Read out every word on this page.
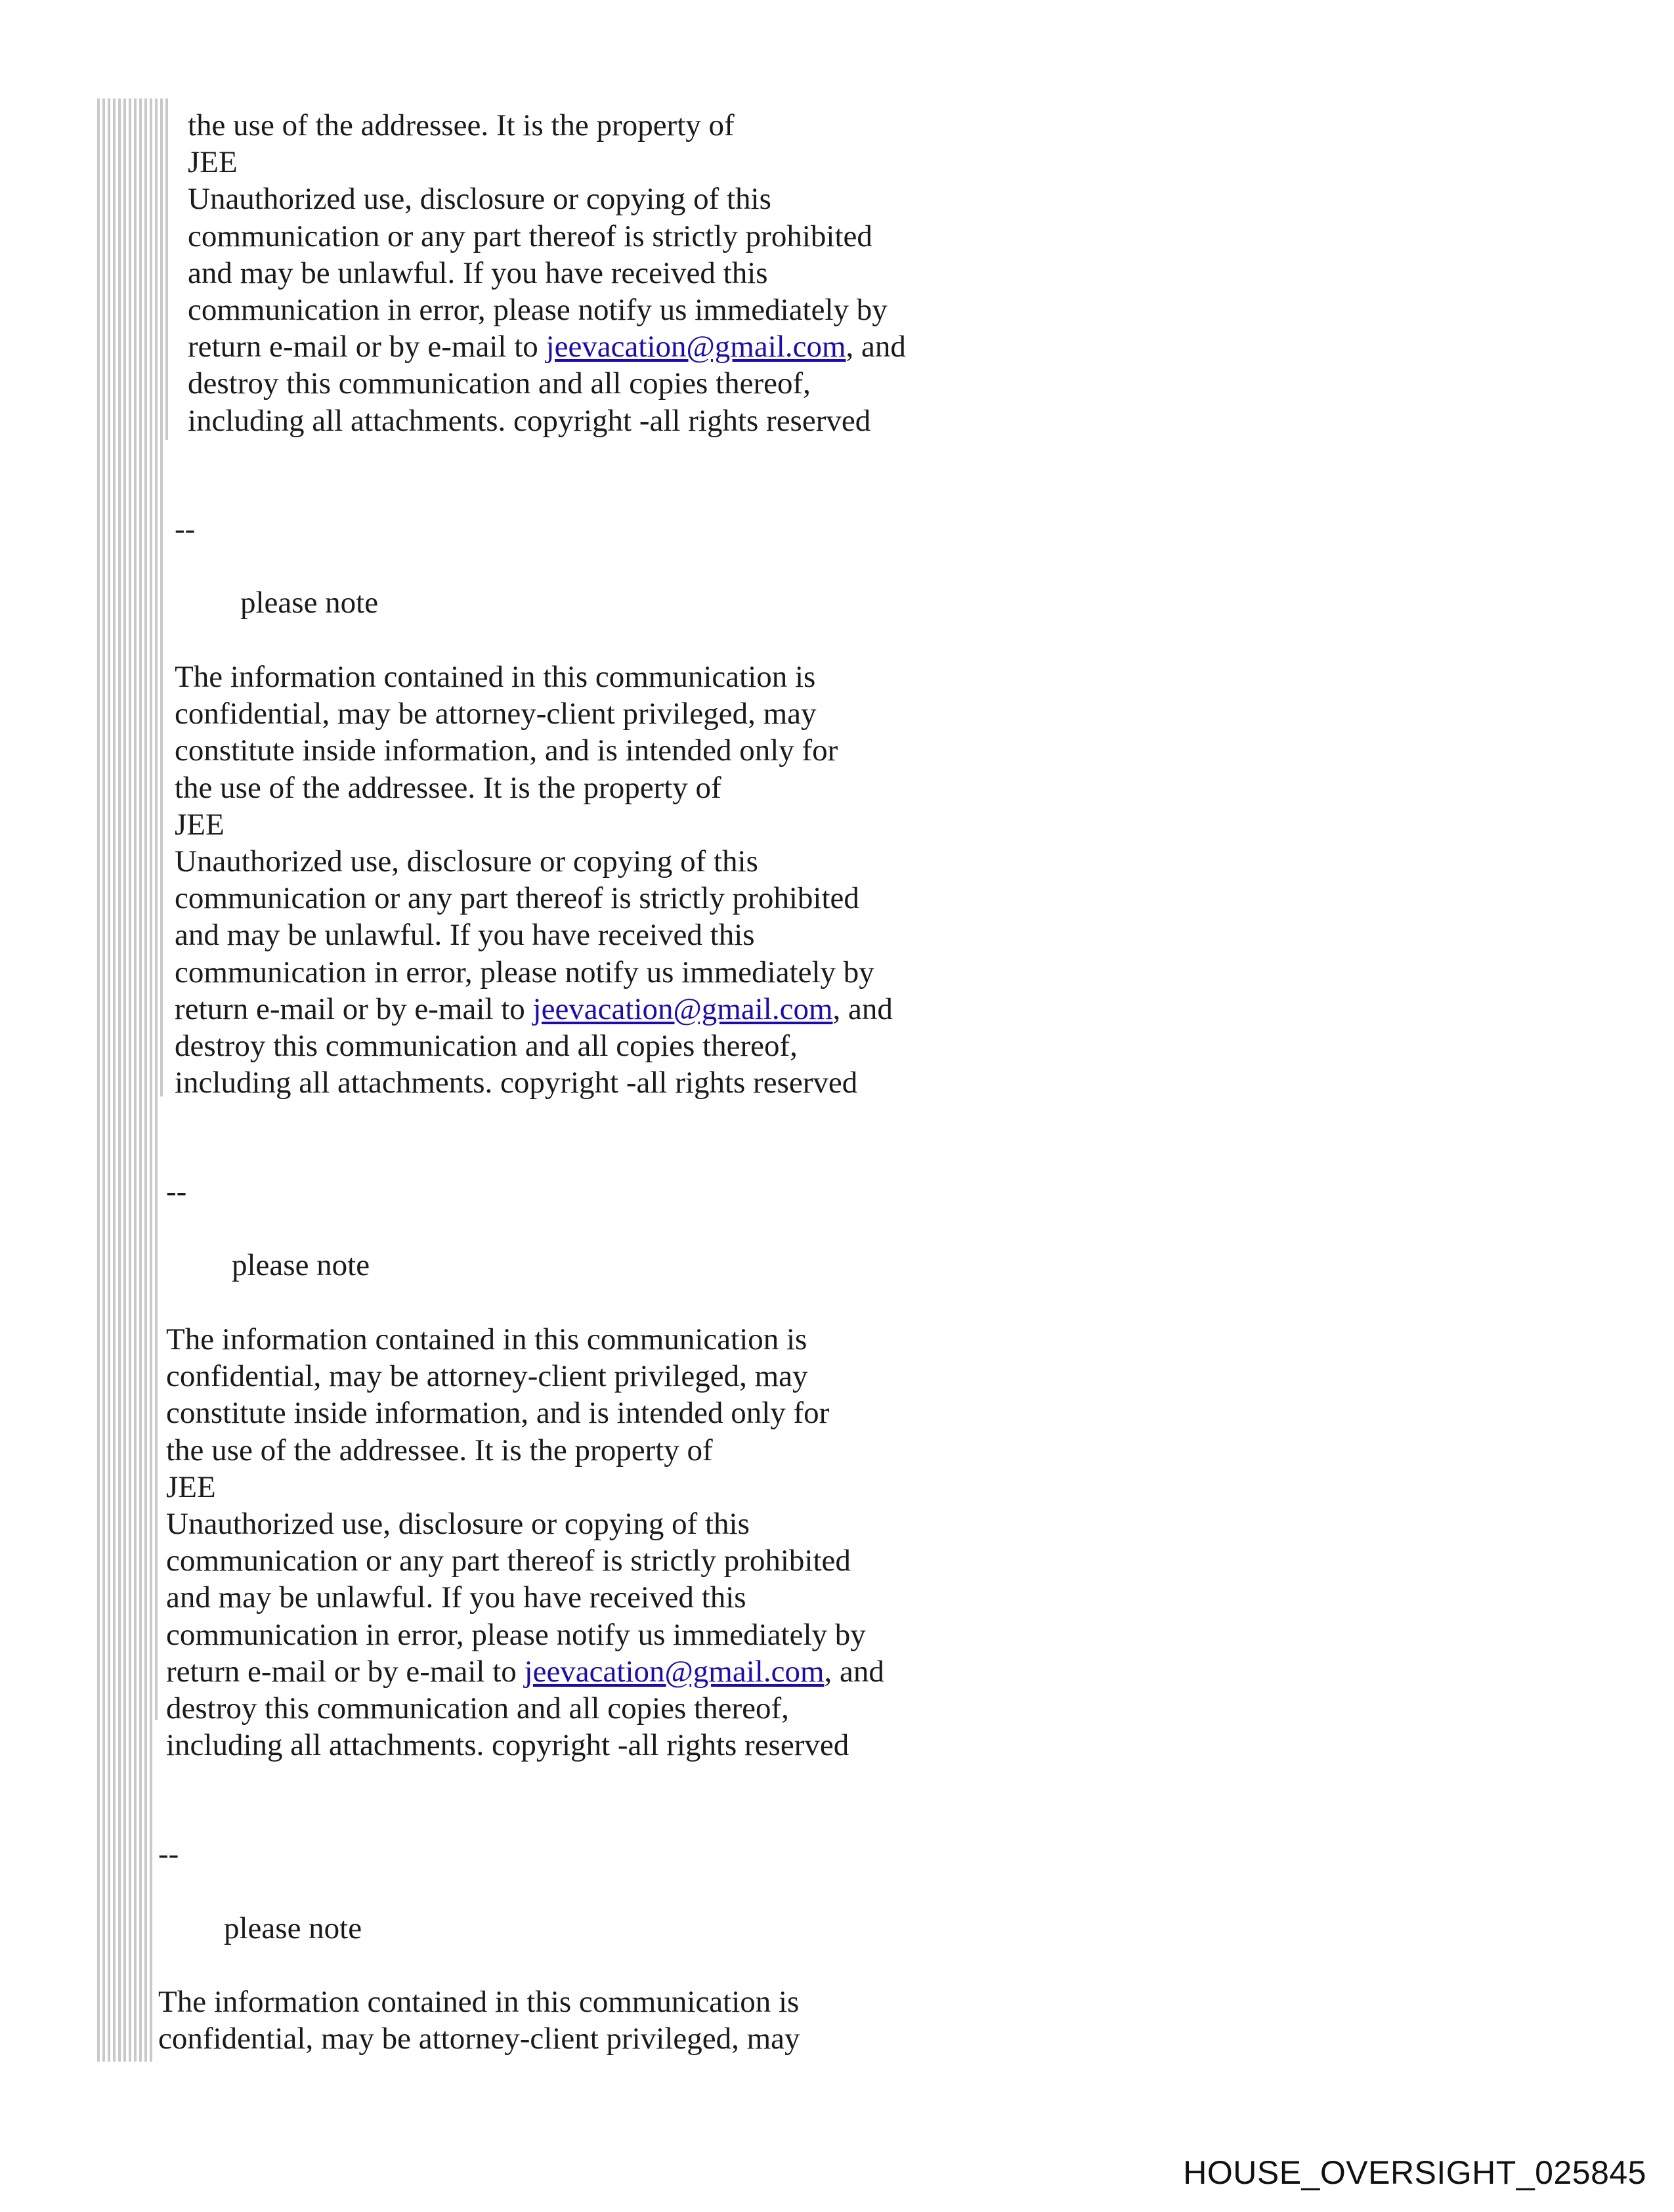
the use of the addressee. It is the property of
JEE
Unauthorized use, disclosure or copying of this
communication or any part thereof is strictly prohibited
and may be unlawful. If you have received this
communication in error, please notify us immediately by
return e-mail or by e-mail to jeevacation@gmail.com, and
destroy this communication and all copies thereof,
including all attachments. copyright -all rights reserved
--
please note
The information contained in this communication is
confidential, may be attorney-client privileged, may
constitute inside information, and is intended only for
the use of the addressee. It is the property of
JEE
Unauthorized use, disclosure or copying of this
communication or any part thereof is strictly prohibited
and may be unlawful. If you have received this
communication in error, please notify us immediately by
return e-mail or by e-mail to jeevacation@gmail.com, and
destroy this communication and all copies thereof,
including all attachments. copyright -all rights reserved
--
please note
The information contained in this communication is
confidential, may be attorney-client privileged, may
constitute inside information, and is intended only for
the use of the addressee. It is the property of
JEE
Unauthorized use, disclosure or copying of this
communication or any part thereof is strictly prohibited
and may be unlawful. If you have received this
communication in error, please notify us immediately by
return e-mail or by e-mail to jeevacation@gmail.com, and
destroy this communication and all copies thereof,
including all attachments. copyright -all rights reserved
--
please note
The information contained in this communication is
confidential, may be attorney-client privileged, may
HOUSE_OVERSIGHT_025845
